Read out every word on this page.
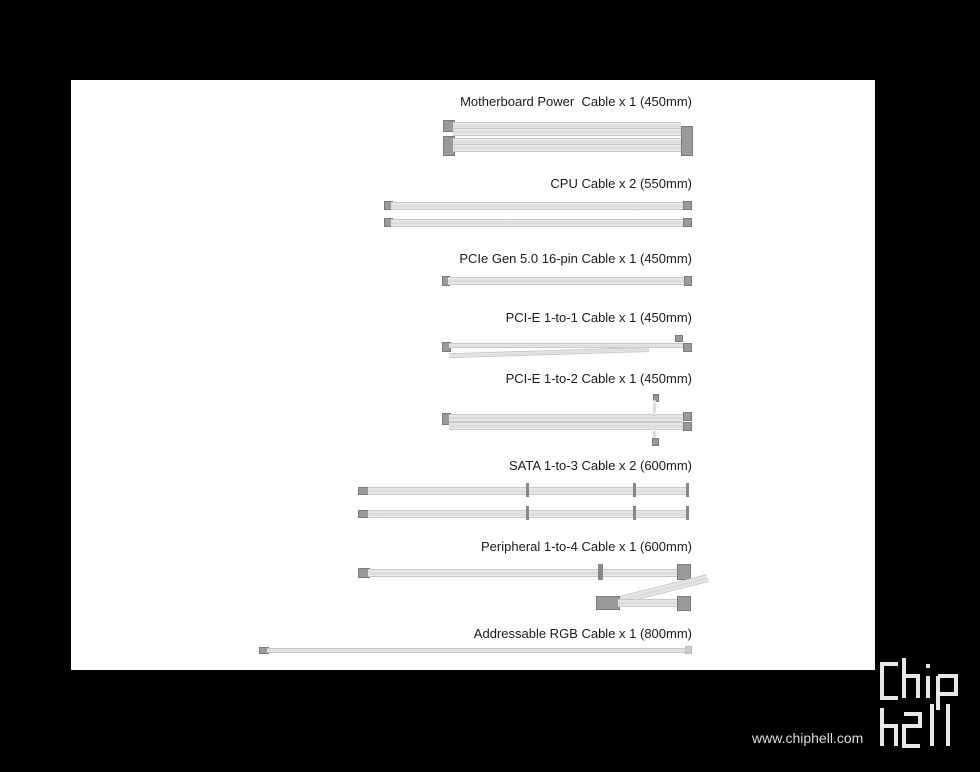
Motherboard Power  Cable x 1 (450mm)
CPU Cable x 2 (550mm)
PCIe Gen 5.0 16-pin Cable x 1 (450mm)
PCI-E 1-to-1 Cable x 1 (450mm)
PCI-E 1-to-2 Cable x 1 (450mm)
SATA 1-to-3 Cable x 2 (600mm)
Peripheral 1-to-4 Cable x 1 (600mm)
Addressable RGB Cable x 1 (800mm)
www.chiphell.com
